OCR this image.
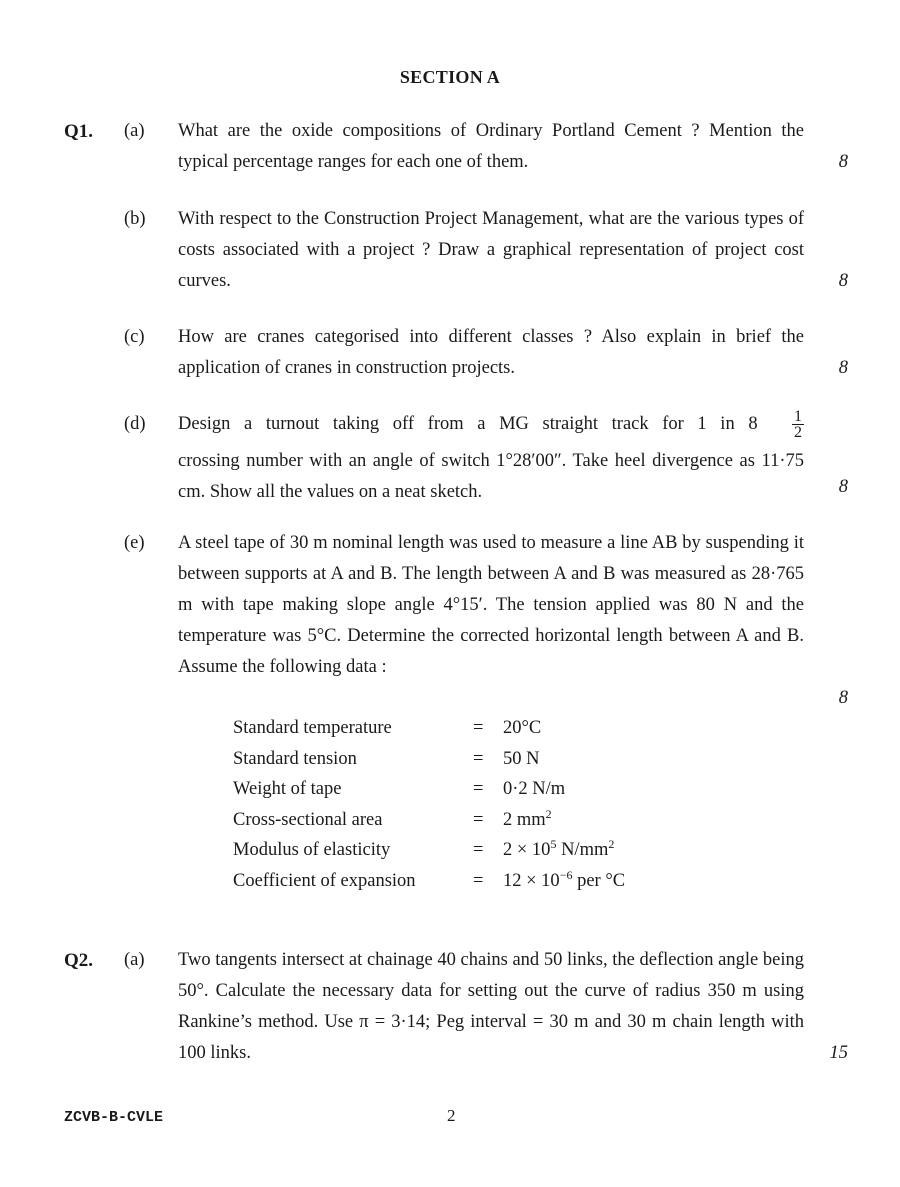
SECTION A
Q1. (a) What are the oxide compositions of Ordinary Portland Cement ? Mention the typical percentage ranges for each one of them.	8
(b) With respect to the Construction Project Management, what are the various types of costs associated with a project ? Draw a graphical representation of project cost curves.	8
(c) How are cranes categorised into different classes ? Also explain in brief the application of cranes in construction projects.	8
(d) Design a turnout taking off from a MG straight track for 1 in $8 \frac{1}{2}$
crossing number with an angle of switch 1°28′00″. Take heel divergence as 11·75 cm. Show all the values on a neat sketch.	8
(e) A steel tape of 30 m nominal length was used to measure a line AB by suspending it between supports at A and B. The length between A and B was measured as 28·765 m with tape making slope angle 4°15′. The tension applied was 80 N and the temperature was 5°C. Determine the corrected horizontal length between A and B. Assume the following data :
8
Standard temperature	=	20°C
Standard tension	=	50 N
Weight of tape	=	0·2 N/m
Cross-sectional area	=	2 $mm^2$
Modulus of elasticity	=	$2 \times 10^5$ $N/mm^2$
Coefficient of expansion	=	$12 \times 10^{-6}$ per °C
Q2. (a) Two tangents intersect at chainage 40 chains and 50 links, the deflection angle being 50°. Calculate the necessary data for setting out the curve of radius 350 m using Rankine’s method. Use π = 3·14; Peg interval = 30 m and 30 m chain length with 100 links.	15
ZCVB-B-CVLE	2
